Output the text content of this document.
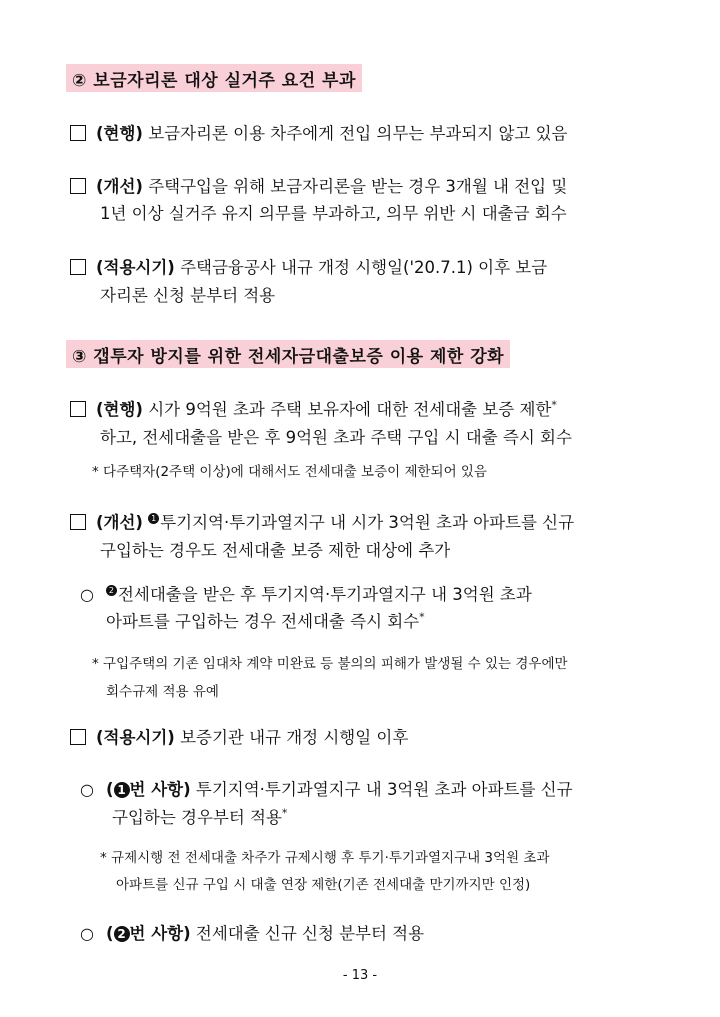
② 보금자리론 대상 실거주 요건 부과
(현행) 보금자리론 이용 차주에게 전입 의무는 부과되지 않고 있음
(개선) 주택구입을 위해 보금자리론을 받는 경우 3개월 내 전입 및
1년 이상 실거주 유지 의무를 부과하고, 의무 위반 시 대출금 회수
(적용시기) 주택금융공사 내규 개정 시행일('20.7.1) 이후 보금
자리론 신청 분부터 적용
③ 갭투자 방지를 위한 전세자금대출보증 이용 제한 강화
(현행) 시가 9억원 초과 주택 보유자에 대한 전세대출 보증 제한*
하고, 전세대출을 받은 후 9억원 초과 주택 구입 시 대출 즉시 회수
* 다주택자(2주택 이상)에 대해서도 전세대출 보증이 제한되어 있음
(개선) 1 투기지역·투기과열지구 내 시가 3억원 초과 아파트를 신규
구입하는 경우도 전세대출 보증 제한 대상에 추가
○ 2 전세대출을 받은 후 투기지역·투기과열지구 내 3억원 초과
아파트를 구입하는 경우 전세대출 즉시 회수*
* 구입주택의 기존 임대차 계약 미완료 등 불의의 피해가 발생될 수 있는 경우에만
회수규제 적용 유예
(적용시기) 보증기관 내규 개정 시행일 이후
○ ( 1 번 사항) 투기지역·투기과열지구 내 3억원 초과 아파트를 신규
구입하는 경우부터 적용*
* 규제시행 전 전세대출 차주가 규제시행 후 투기·투기과열지구내 3억원 초과
아파트를 신규 구입 시 대출 연장 제한(기존 전세대출 만기까지만 인정)
○ ( 2 번 사항) 전세대출 신규 신청 분부터 적용
- 13 -
